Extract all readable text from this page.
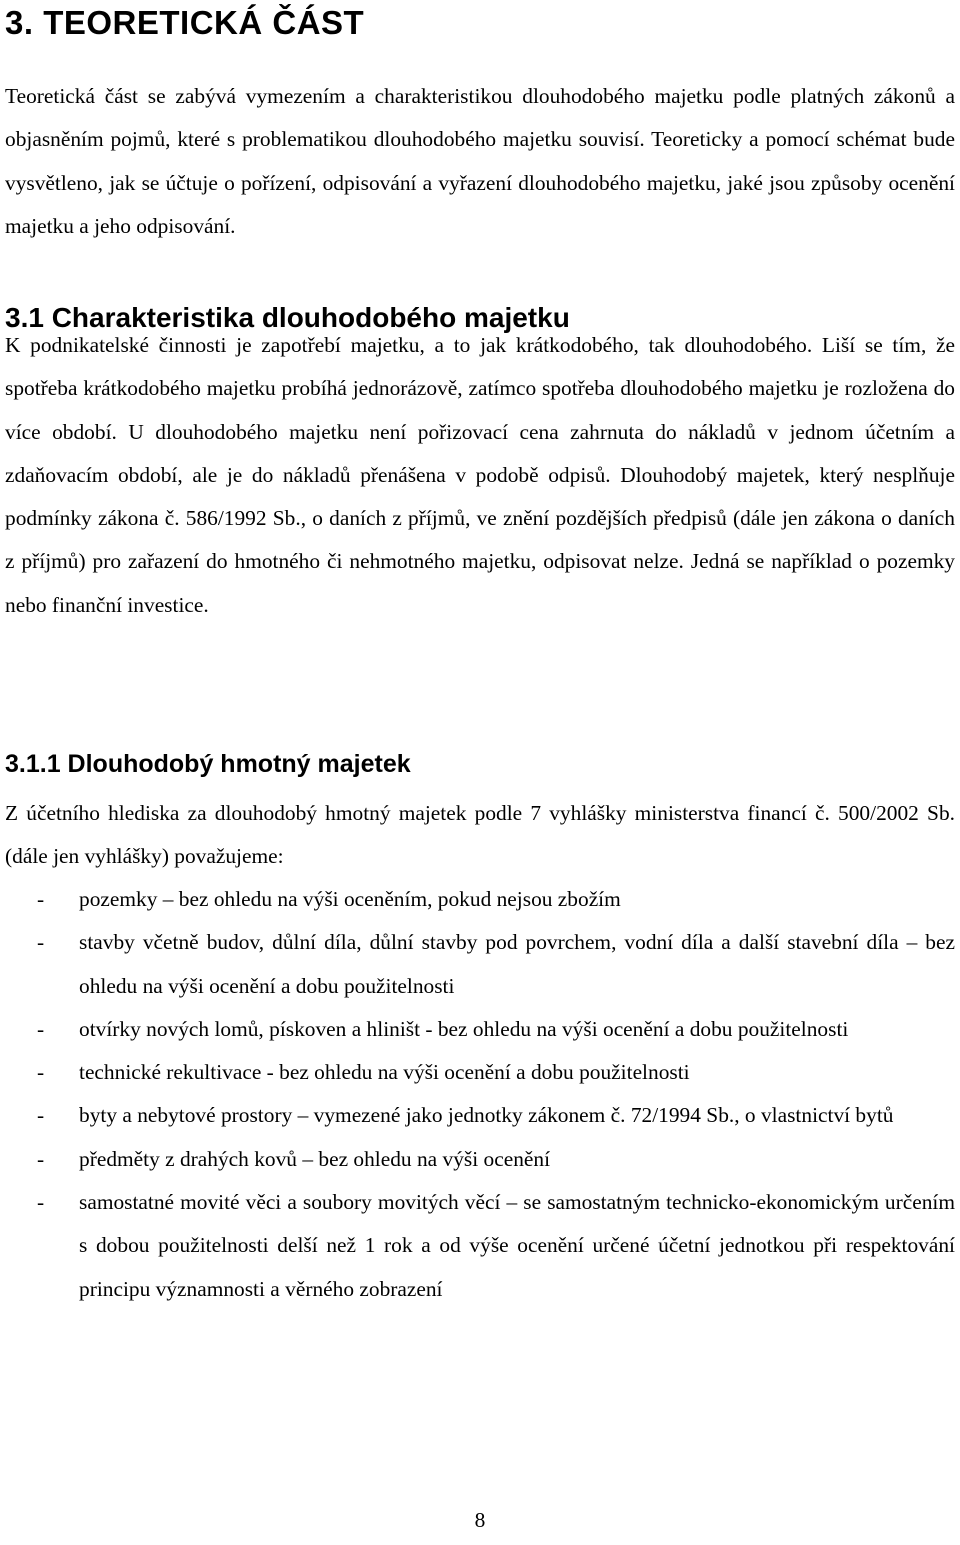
3. TEORETICKÁ ČÁST
Teoretická část se zabývá vymezením a charakteristikou dlouhodobého majetku podle platných zákonů a objasněním pojmů, které s problematikou dlouhodobého majetku souvisí. Teoreticky a pomocí schémat bude vysvětleno, jak se účtuje o pořízení, odpisování a vyřazení dlouhodobého majetku, jaké jsou způsoby ocenění majetku a jeho odpisování.
3.1 Charakteristika dlouhodobého majetku
K podnikatelské činnosti je zapotřebí majetku, a to jak krátkodobého, tak dlouhodobého. Liší se tím, že spotřeba krátkodobého majetku probíhá jednorázově, zatímco spotřeba dlouhodobého majetku je rozložena do více období. U dlouhodobého majetku není pořizovací cena zahrnuta do nákladů v jednom účetním a zdaňovacím období, ale je do nákladů přenášena v podobě odpisů. Dlouhodobý majetek, který nesplňuje podmínky zákona č. 586/1992 Sb., o daních z příjmů, ve znění pozdějších předpisů (dále jen zákona o daních z příjmů) pro zařazení do hmotného či nehmotného majetku, odpisovat nelze. Jedná se například o pozemky nebo finanční investice.
3.1.1 Dlouhodobý hmotný majetek
Z účetního hlediska za dlouhodobý hmotný majetek podle 7 vyhlášky ministerstva financí č. 500/2002 Sb. (dále jen vyhlášky) považujeme:
- pozemky – bez ohledu na výši oceněním, pokud nejsou zbožím
- stavby včetně budov, důlní díla, důlní stavby pod povrchem, vodní díla a další stavební díla – bez ohledu na výši ocenění a dobu použitelnosti
- otvírky nových lomů, pískoven a hliništ - bez ohledu na výši ocenění a dobu použitelnosti
- technické rekultivace - bez ohledu na výši ocenění a dobu použitelnosti
- byty a nebytové prostory – vymezené jako jednotky zákonem č. 72/1994 Sb., o vlastnictví bytů
- předměty z drahých kovů – bez ohledu na výši ocenění
- samostatné movité věci a soubory movitých věcí – se samostatným technicko-ekonomickým určením s dobou použitelnosti delší než 1 rok a od výše ocenění určené účetní jednotkou při respektování principu významnosti a věrného zobrazení
8
